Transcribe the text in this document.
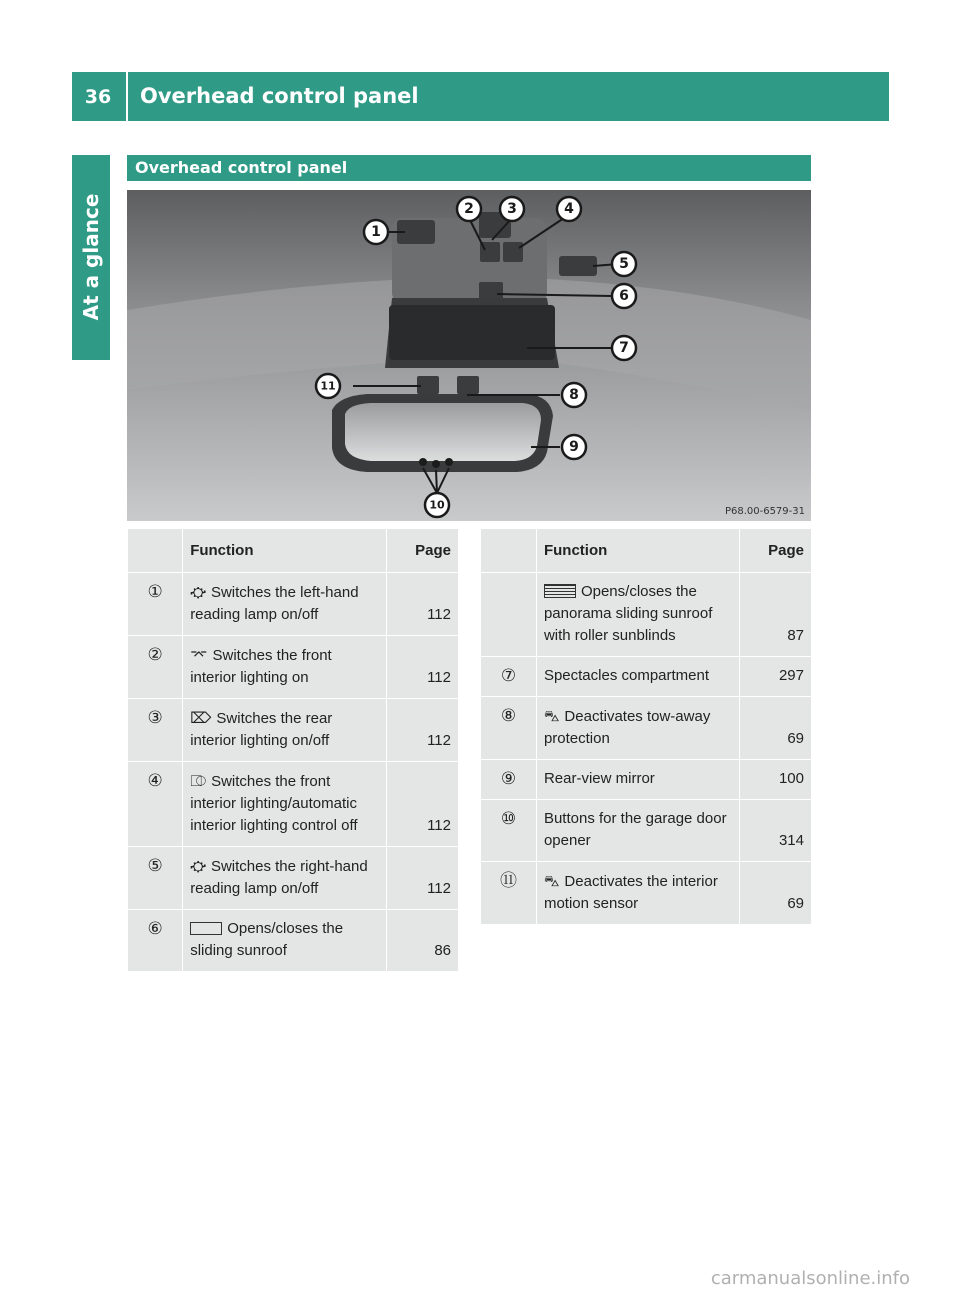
36	Overhead control panel
At a glance
Overhead control panel
1
2 3	4
5
6
7
8
9
11
10	P68.00-6579-31
	Function	Page
①	⛮ Switches the left-hand reading lamp on/off	112
②	⌤ Switches the front interior lighting on	112
③	⌦ Switches the rear interior lighting on/off	112
④	⎄ Switches the front interior lighting/automatic interior lighting control off	112
⑤	⛮ Switches the right-hand reading lamp on/off	112
⑥	Opens/closes the sliding sunroof	86
	Function	Page
	Opens/closes the panorama sliding sunroof with roller sunblinds	87
⑦	Spectacles compartment	297
⑧	⛍ Deactivates tow-away protection	69
⑨	Rear-view mirror	100
⑩	Buttons for the garage door opener	314
⑪	⛍ Deactivates the interior motion sensor	69
carmanualsonline.info
